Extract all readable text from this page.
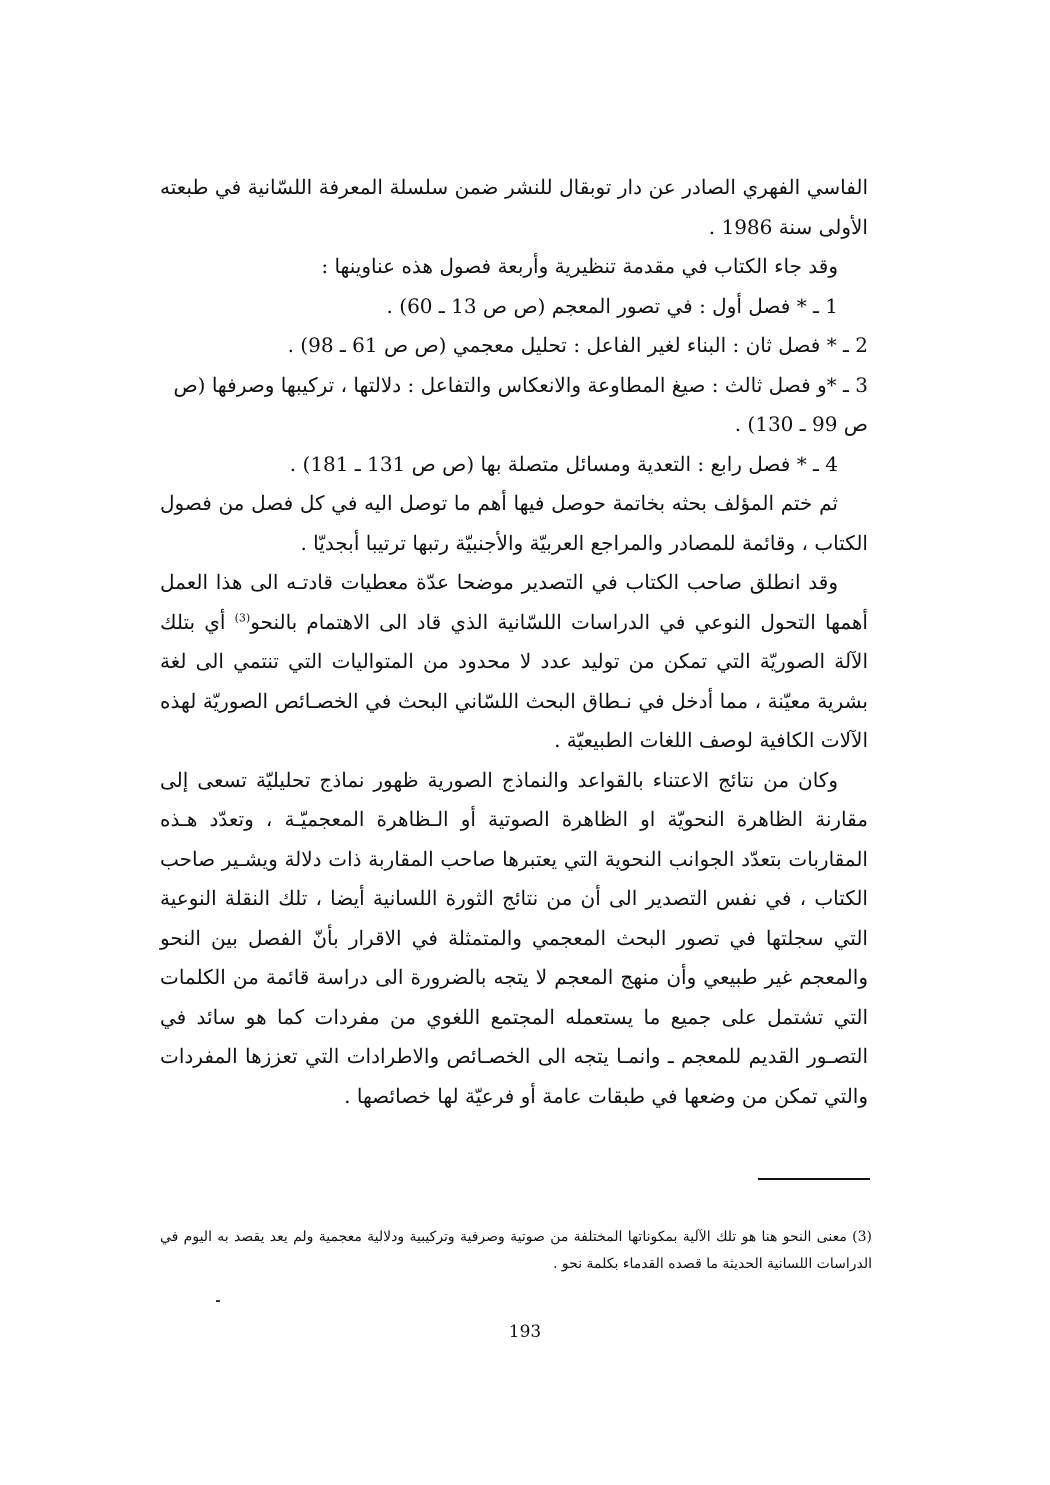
الفاسي الفهري الصادر عن دار توبقال للنشر ضمن سلسلة المعرفة اللسّانية في طبعته الأولى سنة 1986 .

وقد جاء الكتاب في مقدمة تنظيرية وأربعة فصول هذه عناوينها :

1 ـ * فصل أول : في تصور المعجم (ص ص 13 ـ 60) .

2 ـ * فصل ثان : البناء لغير الفاعل : تحليل معجمي (ص ص 61 ـ 98) .

3 ـ *و فصل ثالث : صيغ المطاوعة والانعكاس والتفاعل : دلالتها ، تركيبها وصرفها (ص ص 99 ـ 130) .

4 ـ * فصل رابع : التعدية ومسائل متصلة بها (ص ص 131 ـ 181) .

ثم ختم المؤلف بحثه بخاتمة حوصل فيها أهم ما توصل اليه في كل فصل من فصول الكتاب ، وقائمة للمصادر والمراجع العربيّة والأجنبيّة رتبها ترتيبا أبجديّا .

وقد انطلق صاحب الكتاب في التصدير موضحا عدّة معطيات قادتـه الى هذا العمل أهمها التحول النوعي في الدراسات اللسّانية الذي قاد الى الاهتمام بالنحو$^{(3)}$ أي بتلك الآلة الصوريّة التي تمكن من توليد عدد لا محدود من المتواليات التي تنتمي الى لغة بشرية معيّنة ، مما أدخل في نـطاق البحث اللسّاني البحث في الخصـائص الصوريّة لهذه الآلات الكافية لوصف اللغات الطبيعيّة .

وكان من نتائج الاعتناء بالقواعد والنماذج الصورية ظهور نماذج تحليليّة تسعى إلى مقارنة الظاهرة النحويّة او الظاهرة الصوتية أو الـظاهرة المعجميّـة ، وتعدّد هـذه المقاربات بتعدّد الجوانب النحوية التي يعتبرها صاحب المقاربة ذات دلالة ويشـير صاحب الكتاب ، في نفس التصدير الى أن من نتائج الثورة اللسانية أيضا ، تلك النقلة النوعية التي سجلتها في تصور البحث المعجمي والمتمثلة في الاقرار بأنّ الفصل بين النحو والمعجم غير طبيعي وأن منهج المعجم لا يتجه بالضرورة الى دراسة قائمة من الكلمات التي تشتمل على جميع ما يستعمله المجتمع اللغوي من مفردات كما هو سائد في التصـور القديم للمعجم ـ وانمـا يتجه الى الخصـائص والاطرادات التي تعززها المفردات والتي تمكن من وضعها في طبقات عامة أو فرعيّة لها خصائصها .

(3) معنى النحو هنا هو تلك الآلية بمكوناتها المختلفة من صوتية وصرفية وتركيبية ودلالية معجمية ولم يعد يقصد به اليوم في الدراسات اللسانية الحديثة ما قصده القدماء بكلمة نحو .

193
